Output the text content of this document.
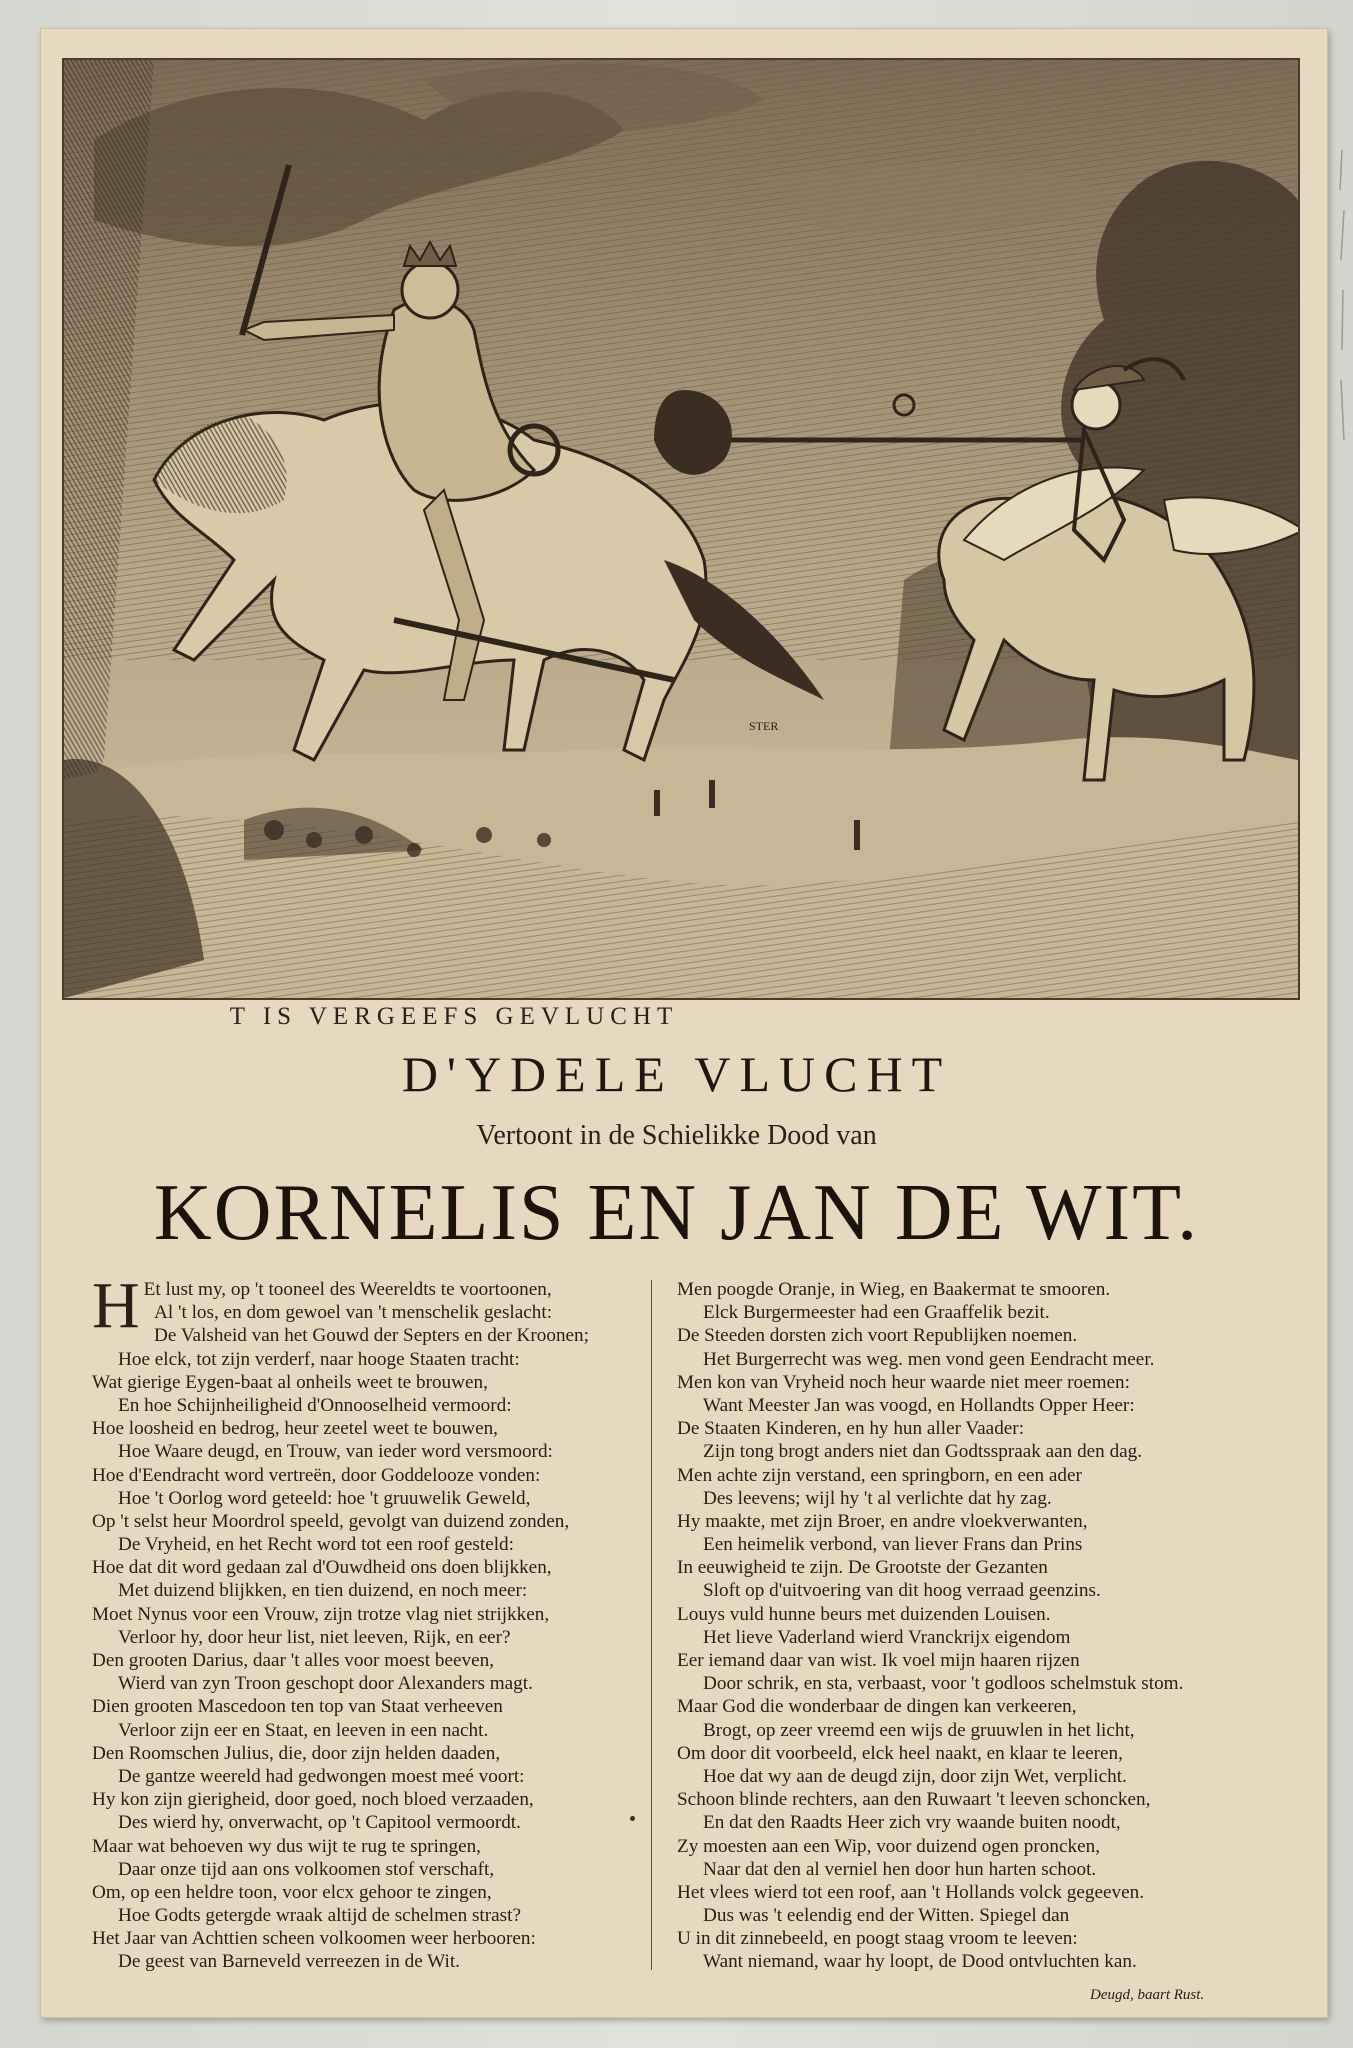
STER
T IS VERGEEFS GEVLUCHT
D'YDELE VLUCHT
Vertoont in de Schielikke Dood van
KORNELIS EN JAN DE WIT.
H Et lust my, op 't tooneel des Weereldts te voortoonen,
Al 't los, en dom gewoel van 't menschelik geslacht:
De Valsheid van het Gouwd der Septers en der Kroonen;
Hoe elck, tot zijn verderf, naar hooge Staaten tracht:
Wat gierige Eygen-baat al onheils weet te brouwen,
En hoe Schijnheiligheid d'Onnooselheid vermoord:
Hoe loosheid en bedrog, heur zeetel weet te bouwen,
Hoe Waare deugd, en Trouw, van ieder word versmoord:
Hoe d'Eendracht word vertreën, door Goddelooze vonden:
Hoe 't Oorlog word geteeld: hoe 't gruuwelik Geweld,
Op 't selst heur Moordrol speeld, gevolgt van duizend zonden,
De Vryheid, en het Recht word tot een roof gesteld:
Hoe dat dit word gedaan zal d'Ouwdheid ons doen blijkken,
Met duizend blijkken, en tien duizend, en noch meer:
Moet Nynus voor een Vrouw, zijn trotze vlag niet strijkken,
Verloor hy, door heur list, niet leeven, Rijk, en eer?
Den grooten Darius, daar 't alles voor moest beeven,
Wierd van zyn Troon geschopt door Alexanders magt.
Dien grooten Mascedoon ten top van Staat verheeven
Verloor zijn eer en Staat, en leeven in een nacht.
Den Roomschen Julius, die, door zijn helden daaden,
De gantze weereld had gedwongen moest meé voort:
Hy kon zijn gierigheid, door goed, noch bloed verzaaden,
Des wierd hy, onverwacht, op 't Capitool vermoordt.
Maar wat behoeven wy dus wijt te rug te springen,
Daar onze tijd aan ons volkoomen stof verschaft,
Om, op een heldre toon, voor elcx gehoor te zingen,
Hoe Godts getergde wraak altijd de schelmen strast?
Het Jaar van Achttien scheen volkoomen weer herbooren:
De geest van Barneveld verreezen in de Wit.
Men poogde Oranje, in Wieg, en Baakermat te smooren.
Elck Burgermeester had een Graaffelik bezit.
De Steeden dorsten zich voort Republijken noemen.
Het Burgerrecht was weg. men vond geen Eendracht meer.
Men kon van Vryheid noch heur waarde niet meer roemen:
Want Meester Jan was voogd, en Hollandts Opper Heer:
De Staaten Kinderen, en hy hun aller Vaader:
Zijn tong brogt anders niet dan Godtsspraak aan den dag.
Men achte zijn verstand, een springborn, en een ader
Des leevens; wijl hy 't al verlichte dat hy zag.
Hy maakte, met zijn Broer, en andre vloekverwanten,
Een heimelik verbond, van liever Frans dan Prins
In eeuwigheid te zijn. De Grootste der Gezanten
Sloft op d'uitvoering van dit hoog verraad geenzins.
Louys vuld hunne beurs met duizenden Louisen.
Het lieve Vaderland wierd Vranckrijx eigendom
Eer iemand daar van wist. Ik voel mijn haaren rijzen
Door schrik, en sta, verbaast, voor 't godloos schelmstuk stom.
Maar God die wonderbaar de dingen kan verkeeren,
Brogt, op zeer vreemd een wijs de gruuwlen in het licht,
Om door dit voorbeeld, elck heel naakt, en klaar te leeren,
Hoe dat wy aan de deugd zijn, door zijn Wet, verplicht.
Schoon blinde rechters, aan den Ruwaart 't leeven schoncken,
En dat den Raadts Heer zich vry waande buiten noodt,
Zy moesten aan een Wip, voor duizend ogen proncken,
Naar dat den al verniel hen door hun harten schoot.
Het vlees wierd tot een roof, aan 't Hollands volck gegeeven.
Dus was 't eelendig end der Witten. Spiegel dan
U in dit zinnebeeld, en poogt staag vroom te leeven:
Want niemand, waar hy loopt, de Dood ontvluchten kan.
Deugd, baart Rust.
